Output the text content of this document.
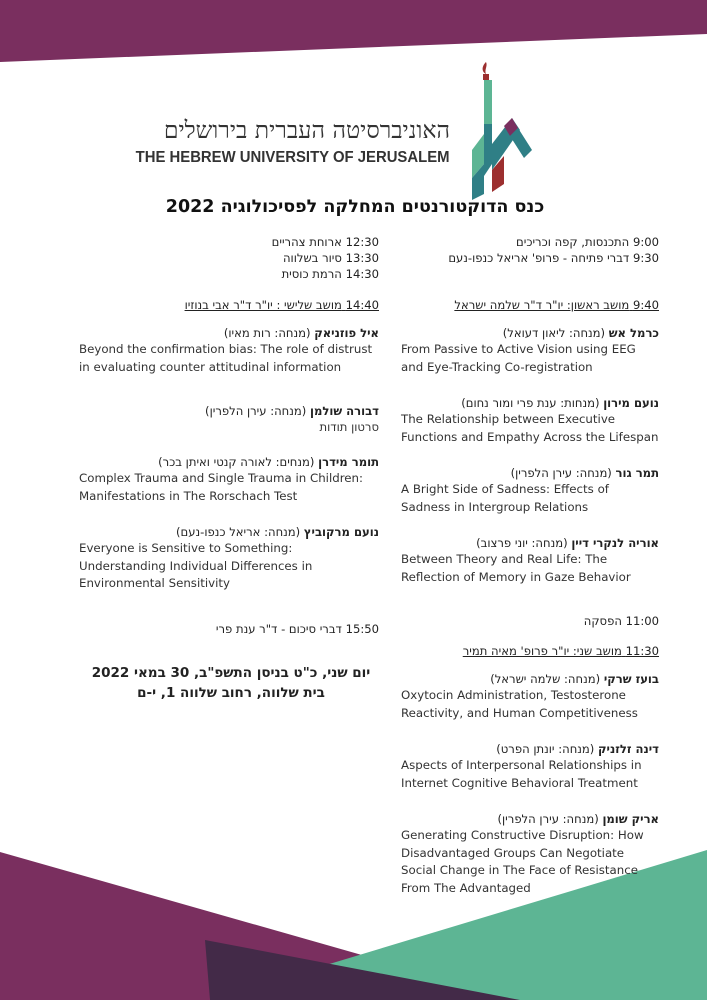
האוניברסיטה העברית בירושלים
THE HEBREW UNIVERSITY OF JERUSALEM
כנס הדוקטורנטים המחלקה לפסיכולוגיה 2022
9:00 התכנסות, קפה וכריכים
9:30 דברי פתיחה - פרופ' אריאל כנפו-נעם
9:40 מושב ראשון: יו"ר ד"ר שלמה ישראל
כרמל אש (מנחה: ליאון דעואל)
From Passive to Active Vision using EEG and Eye-Tracking Co-registration
נועם מירון (מנחות: ענת פרי ומור נחום)
The Relationship between Executive Functions and Empathy Across the Lifespan
תמר גור (מנחה: עירן הלפרין)
A Bright Side of Sadness: Effects of Sadness in Intergroup Relations
אוריה לנקרי דיין (מנחה: יוני פרצוב)
Between Theory and Real Life: The Reflection of Memory in Gaze Behavior
11:00 הפסקה
11:30 מושב שני: יו"ר פרופ' מאיה תמיר
בועז שרקי (מנחה: שלמה ישראל)
Oxytocin Administration, Testosterone Reactivity, and Human Competitiveness
דינה זלזניק (מנחה: יונתן הפרט)
Aspects of Interpersonal Relationships in Internet Cognitive Behavioral Treatment
אריק שומן (מנחה: עירן הלפרין)
Generating Constructive Disruption: How Disadvantaged Groups Can Negotiate Social Change in The Face of Resistance From The Advantaged
12:30 ארוחת צהריים
13:30 סיור בשלווה
14:30 הרמת כוסית
14:40 מושב שלישי : יו"ר ד"ר אבי בנוזיו
איל פוזניאק (מנחה: רות מאיו)
Beyond the confirmation bias: The role of distrust in evaluating counter attitudinal information
דבורה שולמן (מנחה: עירן הלפרין)
סרטון תודות
תומר מידרן (מנחים: לאורה קנטי ואיתן בכר)
Complex Trauma and Single Trauma in Children: Manifestations in The Rorschach Test
נועם מרקוביץ (מנחה: אריאל כנפו-נעם)
Everyone is Sensitive to Something: Understanding Individual Differences in Environmental Sensitivity
15:50 דברי סיכום - ד"ר ענת פרי
יום שני, כ"ט בניסן התשפ"ב, 30 במאי 2022
בית שלווה, רחוב שלווה 1, י-ם
